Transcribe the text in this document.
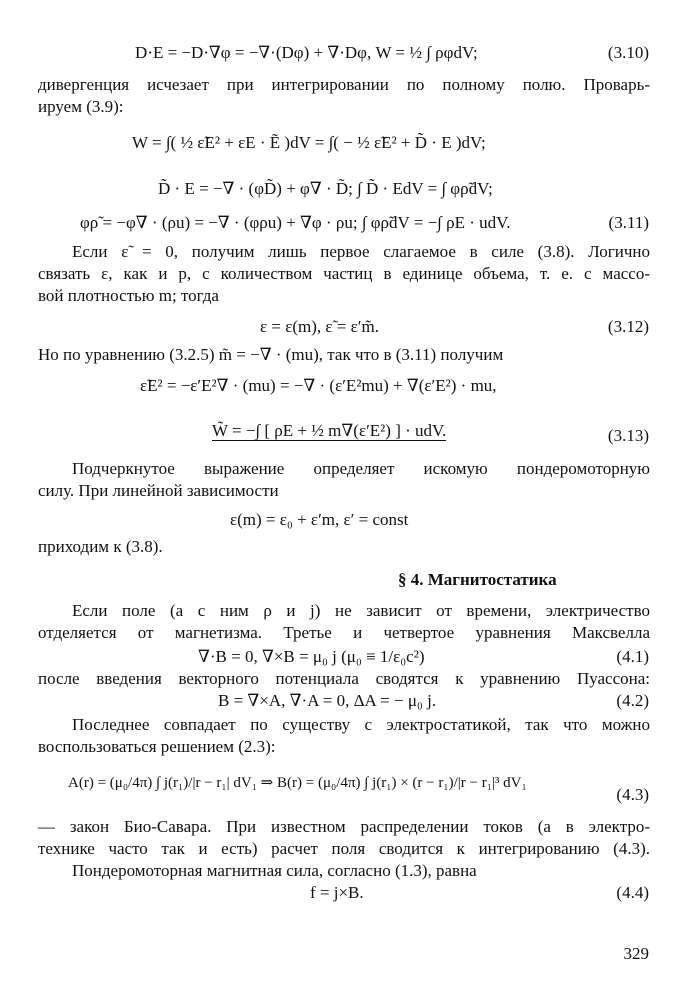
D·E = −D·∇φ = −∇·(Dφ) + ∇·Dφ, W = ½ ∫ ρφdV;	(3.10)
дивергенция исчезает при интегрировании по полному полю. Проварь-
ируем (3.9):
W = ∫( ½ ε̃E² + εE · Ẽ )dV = ∫( − ½ ε̃E² + D̃ · E )dV;
D̃ · E = −∇ · (φD̃) + φ∇ · D̃; ∫ D̃ · EdV = ∫ φρ̃dV;
φρ̃ = −φ∇ · (ρu) = −∇ · (φρu) + ∇φ · ρu; ∫ φρ̃dV = −∫ ρE · udV.	(3.11)
Если ε̃ = 0, получим лишь первое слагаемое в силе (3.8). Логично
связать ε, как и p, с количеством частиц в единице объема, т. е. с массо-
вой плотностью m; тогда
ε = ε(m), ε̃ = ε′m̃.	(3.12)
Но по уравнению (3.2.5) m̃ = −∇ · (mu), так что в (3.11) получим
ε̃E² = −ε′E²∇ · (mu) = −∇ · (ε′E²mu) + ∇(ε′E²) · mu,
W̃ = −∫ [ ρE + ½ m∇(ε′E²) ] · udV.	(3.13)
Подчеркнутое выражение определяет искомую пондеромоторную
силу. При линейной зависимости
ε(m) = ε₀ + ε′m, ε′ = const
приходим к (3.8).
§ 4. Магнитостатика
Если поле (а с ним ρ и j) не зависит от времени, электричество
отделяется от магнетизма. Третье и четвертое уравнения Максвелла
∇·B = 0, ∇×B = μ₀ j (μ₀ ≡ 1/ε₀c²)	(4.1)
после введения векторного потенциала сводятся к уравнению Пуассона:
B = ∇×A, ∇·A = 0, ΔA = − μ₀ j.	(4.2)
Последнее совпадает по существу с электростатикой, так что можно
воспользоваться решением (2.3):
A(r) = (μ₀/4π) ∫ j(r₁)/|r − r₁| dV₁ ⇒ B(r) = (μ₀/4π) ∫ j(r₁) × (r − r₁)/|r − r₁|³ dV₁
(4.3)
— закон Био-Савара. При известном распределении токов (а в электро-
технике часто так и есть) расчет поля сводится к интегрированию (4.3).
Пондеромоторная магнитная сила, согласно (1.3), равна
f = j×B.	(4.4)
329
